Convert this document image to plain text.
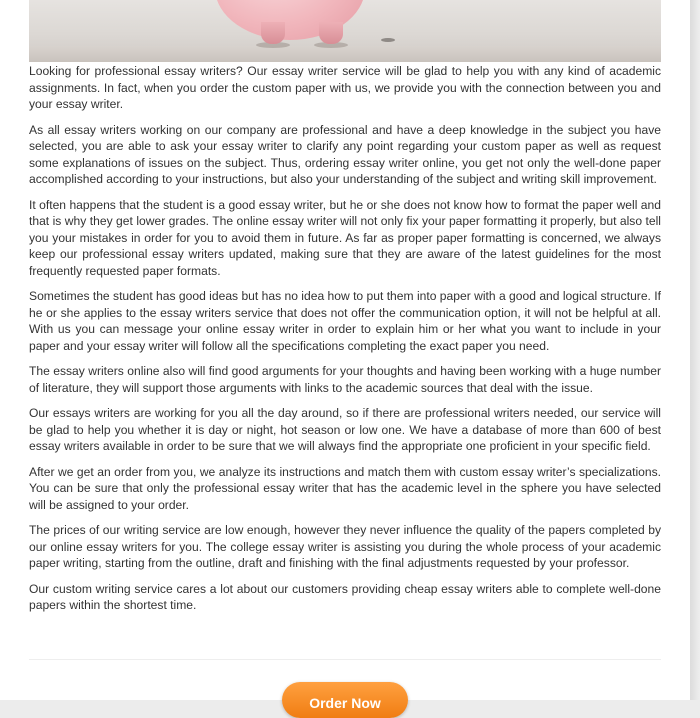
Looking for professional essay writers? Our essay writer service will be glad to help you with any kind of academic assignments. In fact, when you order the custom paper with us, we provide you with the connection between you and your essay writer.

As all essay writers working on our company are professional and have a deep knowledge in the subject you have selected, you are able to ask your essay writer to clarify any point regarding your custom paper as well as request some explanations of issues on the subject. Thus, ordering essay writer online, you get not only the well-done paper accomplished according to your instructions, but also your understanding of the subject and writing skill improvement.

It often happens that the student is a good essay writer, but he or she does not know how to format the paper well and that is why they get lower grades. The online essay writer will not only fix your paper formatting it properly, but also tell you your mistakes in order for you to avoid them in future. As far as proper paper formatting is concerned, we always keep our professional essay writers updated, making sure that they are aware of the latest guidelines for the most frequently requested paper formats.

Sometimes the student has good ideas but has no idea how to put them into paper with a good and logical structure. If he or she applies to the essay writers service that does not offer the communication option, it will not be helpful at all. With us you can message your online essay writer in order to explain him or her what you want to include in your paper and your essay writer will follow all the specifications completing the exact paper you need.

The essay writers online also will find good arguments for your thoughts and having been working with a huge number of literature, they will support those arguments with links to the academic sources that deal with the issue.

Our essays writers are working for you all the day around, so if there are professional writers needed, our service will be glad to help you whether it is day or night, hot season or low one. We have a database of more than 600 of best essay writers available in order to be sure that we will always find the appropriate one proficient in your specific field.

After we get an order from you, we analyze its instructions and match them with custom essay writer’s specializations. You can be sure that only the professional essay writer that has the academic level in the sphere you have selected will be assigned to your order.

The prices of our writing service are low enough, however they never influence the quality of the papers completed by our online essay writers for you. The college essay writer is assisting you during the whole process of your academic paper writing, starting from the outline, draft and finishing with the final adjustments requested by your professor.

Our custom writing service cares a lot about our customers providing cheap essay writers able to complete well-done papers within the shortest time.

Order Now
